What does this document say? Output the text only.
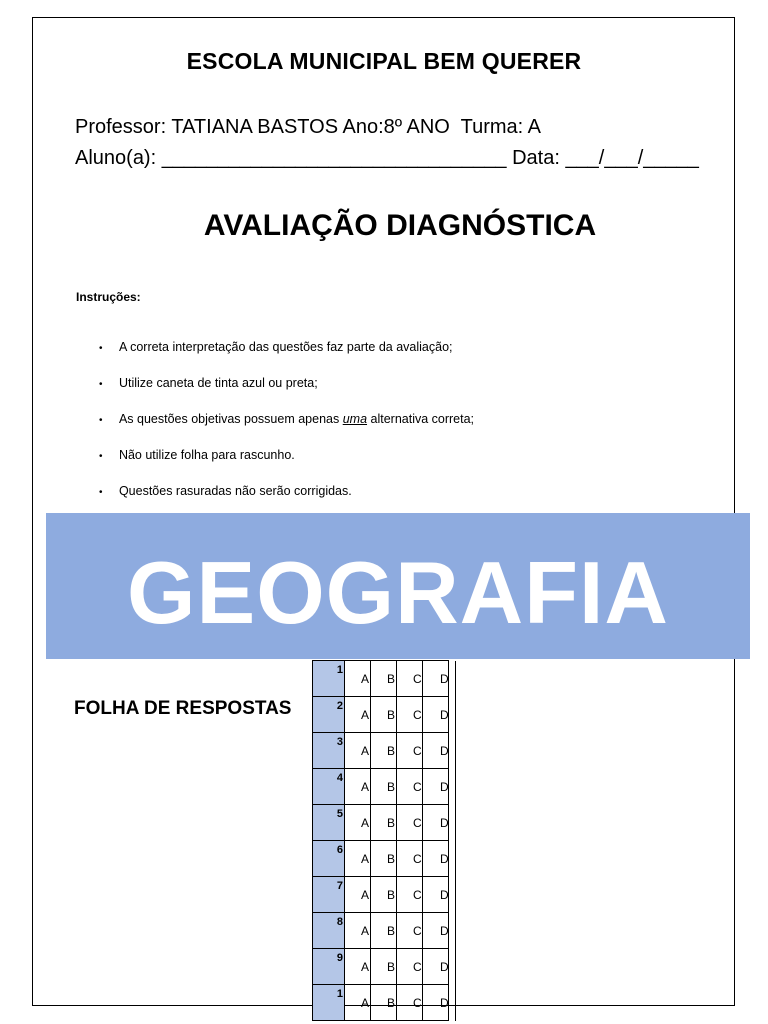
ESCOLA MUNICIPAL BEM QUERER
Professor: TATIANA BASTOS Ano:8º ANO  Turma: A
Aluno(a): _______________________________ Data: ___/___/_____
AVALIAÇÃO DIAGNÓSTICA
Instruções:

• A correta interpretação das questões faz parte da avaliação;

• Utilize caneta de tinta azul ou preta;

• As questões objetivas possuem apenas uma alternativa correta;

• Não utilize folha para rascunho.

• Questões rasuradas não serão corrigidas.

GEOGRAFIA
FOLHA DE RESPOSTAS
1	A	B	C	D	

2	A	B	C	D	

3	A	B	C	D	

4	A	B	C	D	

5	A	B	C	D	

6	A	B	C	D	

7	A	B	C	D	

8	A	B	C	D	

9	A	B	C	D	

1	A	B	C	D	
